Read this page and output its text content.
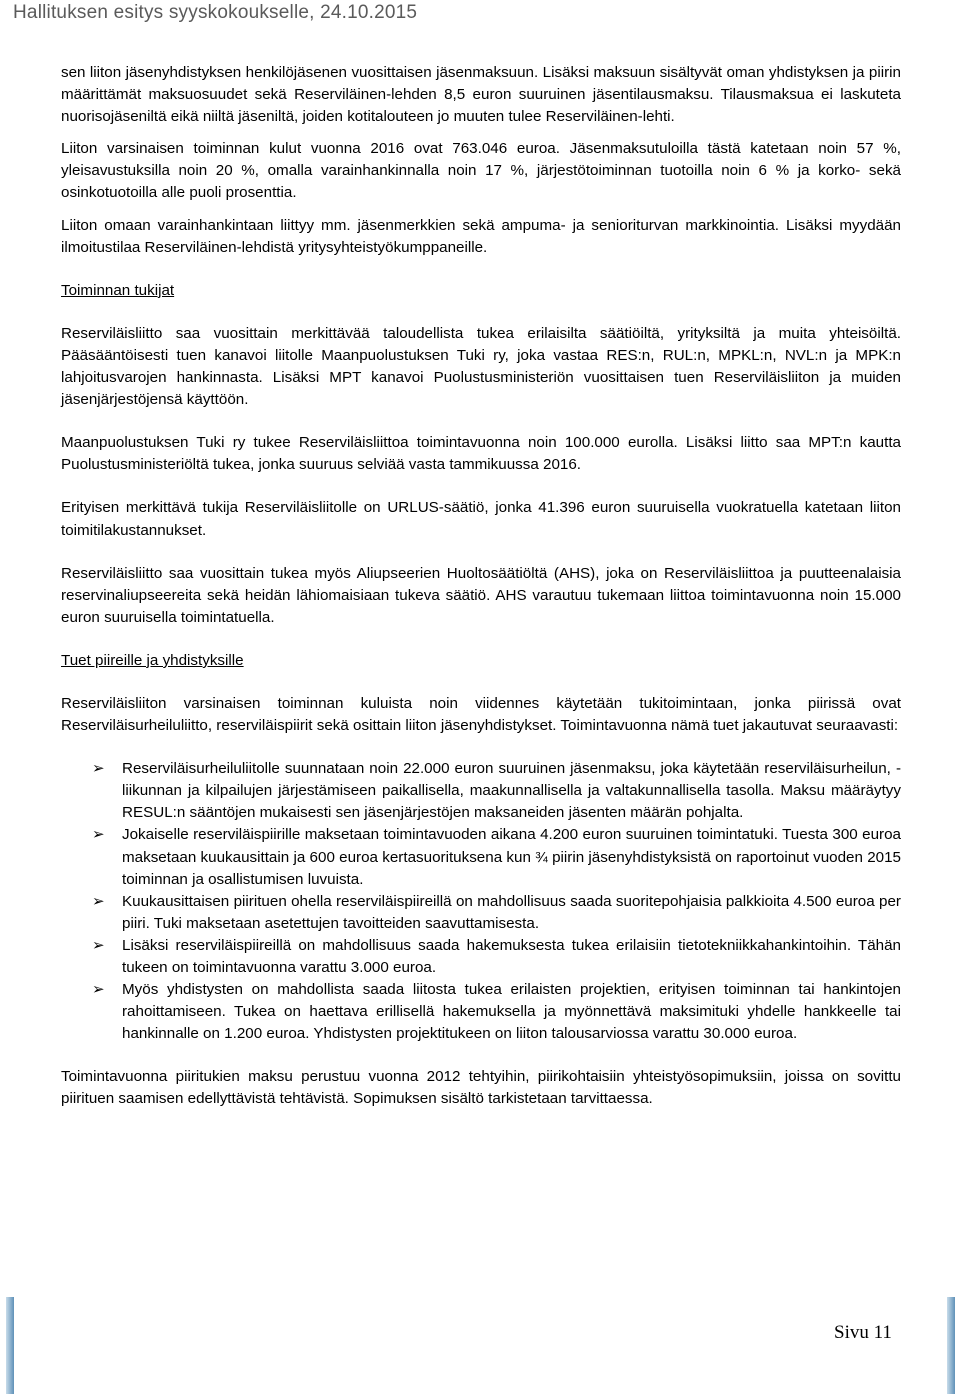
Hallituksen esitys syyskokoukselle, 24.10.2015

sen liiton jäsenyhdistyksen henkilöjäsenen vuosittaisen jäsenmaksuun. Lisäksi maksuun sisältyvät oman yhdistyksen ja piirin määrittämät maksuosuudet sekä Reserviläinen-lehden 8,5 euron suuruinen jäsentilausmaksu. Tilausmaksua ei laskuteta nuorisojäseniltä eikä niiltä jäseniltä, joiden kotitalouteen jo muuten tulee Reserviläinen-lehti.

Liiton varsinaisen toiminnan kulut vuonna 2016 ovat 763.046 euroa. Jäsenmaksutuloilla tästä katetaan noin 57 %, yleisavustuksilla noin 20 %, omalla varainhankinnalla noin 17 %, järjestötoiminnan tuotoilla noin 6 % ja korko- sekä osinkotuotoilla alle puoli prosenttia.

Liiton omaan varainhankintaan liittyy mm. jäsenmerkkien sekä ampuma- ja senioriturvan markkinointia. Lisäksi myydään ilmoitustilaa Reserviläinen-lehdistä yritysyhteistyökumppaneille.

Toiminnan tukijat

Reserviläisliitto saa vuosittain merkittävää taloudellista tukea erilaisilta säätiöiltä, yrityksiltä ja muita yhteisöiltä. Pääsääntöisesti tuen kanavoi liitolle Maanpuolustuksen Tuki ry, joka vastaa RES:n, RUL:n, MPKL:n, NVL:n ja MPK:n lahjoitusvarojen hankinnasta. Lisäksi MPT kanavoi Puolustusministeriön vuosittaisen tuen Reserviläisliiton ja muiden jäsenjärjestöjensä käyttöön.

Maanpuolustuksen Tuki ry tukee Reserviläisliittoa toimintavuonna noin 100.000 eurolla. Lisäksi liitto saa MPT:n kautta Puolustusministeriöltä tukea, jonka suuruus selviää vasta tammikuussa 2016.

Erityisen merkittävä tukija Reserviläisliitolle on URLUS-säätiö, jonka 41.396 euron suuruisella vuokratuella katetaan liiton toimitilakustannukset.

Reserviläisliitto saa vuosittain tukea myös Aliupseerien Huoltosäätiöltä (AHS), joka on Reserviläisliittoa ja puutteenalaisia reservinaliupseereita sekä heidän lähiomaisiaan tukeva säätiö. AHS varautuu tukemaan liittoa toimintavuonna noin 15.000 euron suuruisella toimintatuella.

Tuet piireille ja yhdistyksille

Reserviläisliiton varsinaisen toiminnan kuluista noin viidennes käytetään tukitoimintaan, jonka piirissä ovat Reserviläisurheiluliitto, reserviläispiirit sekä osittain liiton jäsenyhdistykset. Toimintavuonna nämä tuet jakautuvat seuraavasti:

➢ Reserviläisurheiluliitolle suunnataan noin 22.000 euron suuruinen jäsenmaksu, joka käytetään reserviläisurheilun, -liikunnan ja kilpailujen järjestämiseen paikallisella, maakunnallisella ja valtakunnallisella tasolla. Maksu määräytyy RESUL:n sääntöjen mukaisesti sen jäsenjärjestöjen maksaneiden jäsenten määrän pohjalta.
➢ Jokaiselle reserviläispiirille maksetaan toimintavuoden aikana 4.200 euron suuruinen toimintatuki. Tuesta 300 euroa maksetaan kuukausittain ja 600 euroa kertasuorituksena kun ¾ piirin jäsenyhdistyksistä on raportoinut vuoden 2015 toiminnan ja osallistumisen luvuista.
➢ Kuukausittaisen piirituen ohella reserviläispiireillä on mahdollisuus saada suoritepohjaisia palkkioita 4.500 euroa per piiri. Tuki maksetaan asetettujen tavoitteiden saavuttamisesta.
➢ Lisäksi reserviläispiireillä on mahdollisuus saada hakemuksesta tukea erilaisiin tietotekniikkahankintoihin. Tähän tukeen on toimintavuonna varattu 3.000 euroa.
➢ Myös yhdistysten on mahdollista saada liitosta tukea erilaisten projektien, erityisen toiminnan tai hankintojen rahoittamiseen. Tukea on haettava erillisellä hakemuksella ja myönnettävä maksimituki yhdelle hankkeelle tai hankinnalle on 1.200 euroa. Yhdistysten projektitukeen on liiton talousarviossa varattu 30.000 euroa.

Toimintavuonna piiritukien maksu perustuu vuonna 2012 tehtyihin, piirikohtaisiin yhteistyösopimuksiin, joissa on sovittu piirituen saamisen edellyttävistä tehtävistä. Sopimuksen sisältö tarkistetaan tarvittaessa.

Sivu 11
